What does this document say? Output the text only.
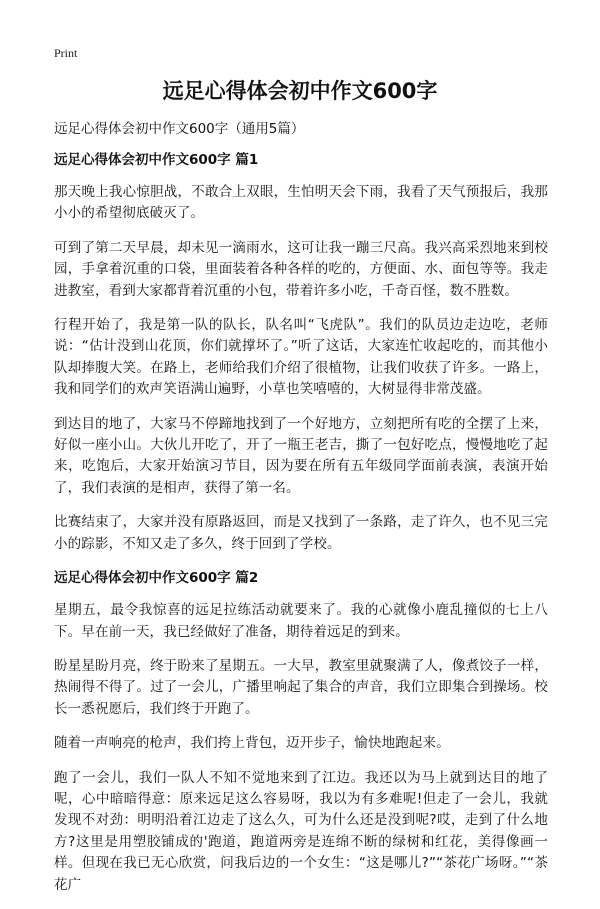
Print
远足心得体会初中作文600字

远足心得体会初中作文600字（通用5篇）

远足心得体会初中作文600字 篇1

那天晚上我心惊胆战，不敢合上双眼，生怕明天会下雨，我看了天气预报后，我那小小的希望彻底破灭了。

可到了第二天早晨，却未见一滴雨水，这可让我一蹦三尺高。我兴高采烈地来到校园，手拿着沉重的口袋，里面装着各种各样的吃的，方便面、水、面包等等。我走进教室，看到大家都背着沉重的小包，带着许多小吃，千奇百怪，数不胜数。

行程开始了，我是第一队的队长，队名叫“飞虎队”。我们的队员边走边吃，老师说：“估计没到山花顶，你们就撑坏了。”听了这话，大家连忙收起吃的，而其他小队却捧腹大笑。在路上，老师给我们介绍了很植物，让我们收获了许多。一路上，我和同学们的欢声笑语满山遍野，小草也笑嘻嘻的，大树显得非常茂盛。

到达目的地了，大家马不停蹄地找到了一个好地方，立刻把所有吃的全摆了上来，好似一座小山。大伙儿开吃了，开了一瓶王老吉，撕了一包好吃点，慢慢地吃了起来，吃饱后，大家开始演习节目，因为要在所有五年级同学面前表演，表演开始了，我们表演的是相声，获得了第一名。

比赛结束了，大家并没有原路返回，而是又找到了一条路，走了许久，也不见三完小的踪影，不知又走了多久，终于回到了学校。

远足心得体会初中作文600字 篇2

星期五，最令我惊喜的远足拉练活动就要来了。我的心就像小鹿乱撞似的七上八下。早在前一天，我已经做好了准备，期待着远足的到来。

盼星星盼月亮，终于盼来了星期五。一大早，教室里就聚满了人，像煮饺子一样，热闹得不得了。过了一会儿，广播里响起了集合的声音，我们立即集合到操场。校长一悉祝愿后，我们终于开跑了。

随着一声响亮的枪声，我们挎上背包，迈开步子，愉快地跑起来。

跑了一会儿，我们一队人不知不觉地来到了江边。我还以为马上就到达目的地了呢，心中暗暗得意：原来远足这么容易呀，我以为有多难呢!但走了一会儿，我就发现不对劲：明明沿着江边走了这么久，可为什么还是没到呢?哎，走到了什么地方?这里是用塑胶铺成的'跑道，跑道两旁是连绵不断的绿树和红花，美得像画一样。但现在我已无心欣赏，问我后边的一个女生：“这是哪儿?”“茶花广场呀。”“茶花广
